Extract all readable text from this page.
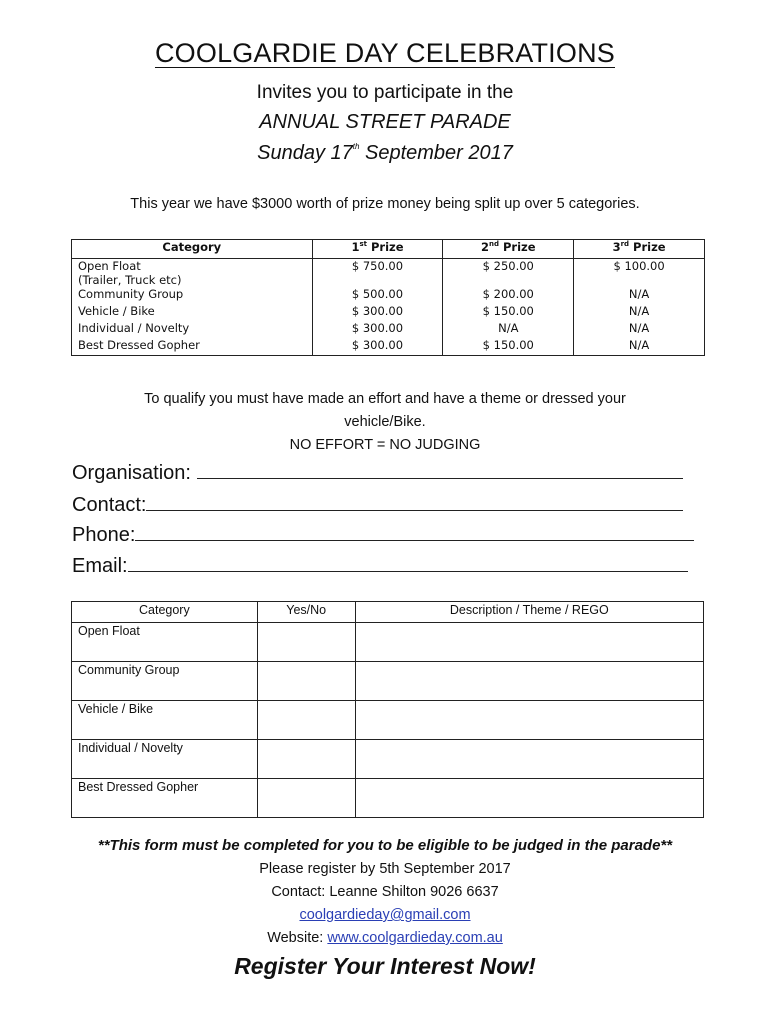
COOLGARDIE DAY CELEBRATIONS
Invites you to participate in the
ANNUAL STREET PARADE
Sunday 17th September 2017
This year we have $3000 worth of prize money being split up over 5 categories.
Category	1st Prize	2nd Prize	3rd Prize
Open Float
(Trailer, Truck etc)	$ 750.00	$ 250.00	$ 100.00
Community Group	$ 500.00	$ 200.00	N/A
Vehicle / Bike	$ 300.00	$ 150.00	N/A
Individual / Novelty	$ 300.00	N/A	N/A
Best Dressed Gopher	$ 300.00	$ 150.00	N/A
To qualify you must have made an effort and have a theme or dressed your
vehicle/Bike.
NO EFFORT = NO JUDGING
Organisation:
Contact:
Phone:
Email:
Category	Yes/No	Description / Theme / REGO
Open Float		
Community Group		
Vehicle / Bike		
Individual / Novelty		
Best Dressed Gopher		
**This form must be completed for you to be eligible to be judged in the parade**
Please register by 5th September 2017
Contact: Leanne Shilton 9026 6637
coolgardieday@gmail.com
Website: www.coolgardieday.com.au
Register Your Interest Now!
